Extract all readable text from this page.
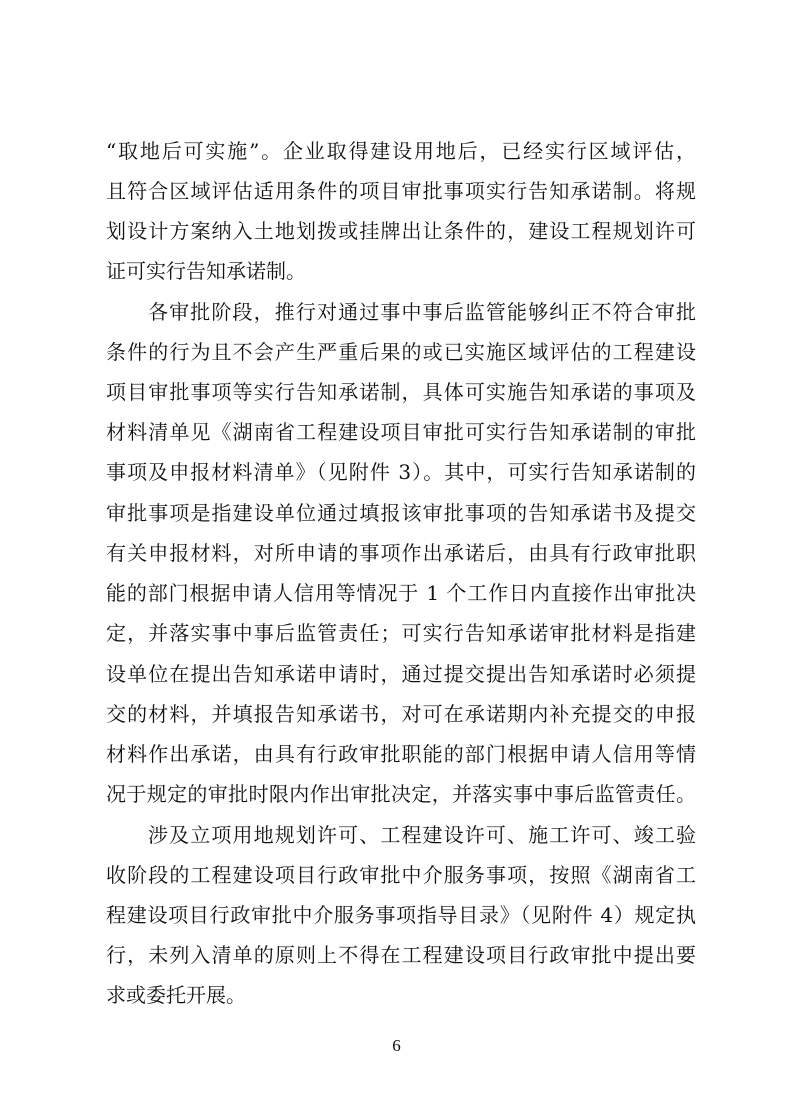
“取地后可实施”。企业取得建设用地后，已经实行区域评估，
且符合区域评估适用条件的项目审批事项实行告知承诺制。将规
划设计方案纳入土地划拨或挂牌出让条件的，建设工程规划许可
证可实行告知承诺制。
各审批阶段，推行对通过事中事后监管能够纠正不符合审批
条件的行为且不会产生严重后果的或已实施区域评估的工程建设
项目审批事项等实行告知承诺制，具体可实施告知承诺的事项及
材料清单见《湖南省工程建设项目审批可实行告知承诺制的审批
事项及申报材料清单》（见附件 3）。其中，可实行告知承诺制的
审批事项是指建设单位通过填报该审批事项的告知承诺书及提交
有关申报材料，对所申请的事项作出承诺后，由具有行政审批职
能的部门根据申请人信用等情况于 1 个工作日内直接作出审批决
定，并落实事中事后监管责任；可实行告知承诺审批材料是指建
设单位在提出告知承诺申请时，通过提交提出告知承诺时必须提
交的材料，并填报告知承诺书，对可在承诺期内补充提交的申报
材料作出承诺，由具有行政审批职能的部门根据申请人信用等情
况于规定的审批时限内作出审批决定，并落实事中事后监管责任。
涉及立项用地规划许可、工程建设许可、施工许可、竣工验
收阶段的工程建设项目行政审批中介服务事项，按照《湖南省工
程建设项目行政审批中介服务事项指导目录》（见附件 4）规定执
行，未列入清单的原则上不得在工程建设项目行政审批中提出要
求或委托开展。
6
